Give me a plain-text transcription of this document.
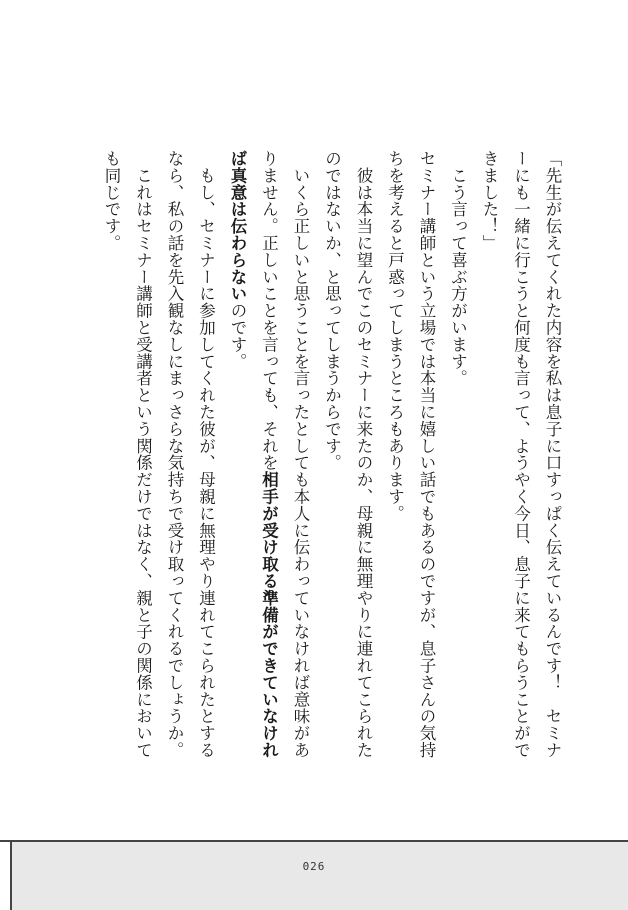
「先生が伝えてくれた内容を私は息子に口すっぱく伝えているんです！　セミナーにも一緒に行こうと何度も言って、ようやく今日、息子に来てもらうことができました！」

こう言って喜ぶ方がいます。

セミナー講師という立場では本当に嬉しい話でもあるのですが、息子さんの気持ちを考えると戸惑ってしまうところもあります。

彼は本当に望んでこのセミナーに来たのか、母親に無理やりに連れてこられたのではないか、と思ってしまうからです。

いくら正しいと思うことを言ったとしても本人に伝わっていなければ意味がありません。正しいことを言っても、それを相手が受け取る準備ができていなければ真意は伝わらないのです。

もし、セミナーに参加してくれた彼が、母親に無理やり連れてこられたとするなら、私の話を先入観なしにまっさらな気持ちで受け取ってくれるでしょうか。

これはセミナー講師と受講者という関係だけではなく、親と子の関係においても同じです。

026
